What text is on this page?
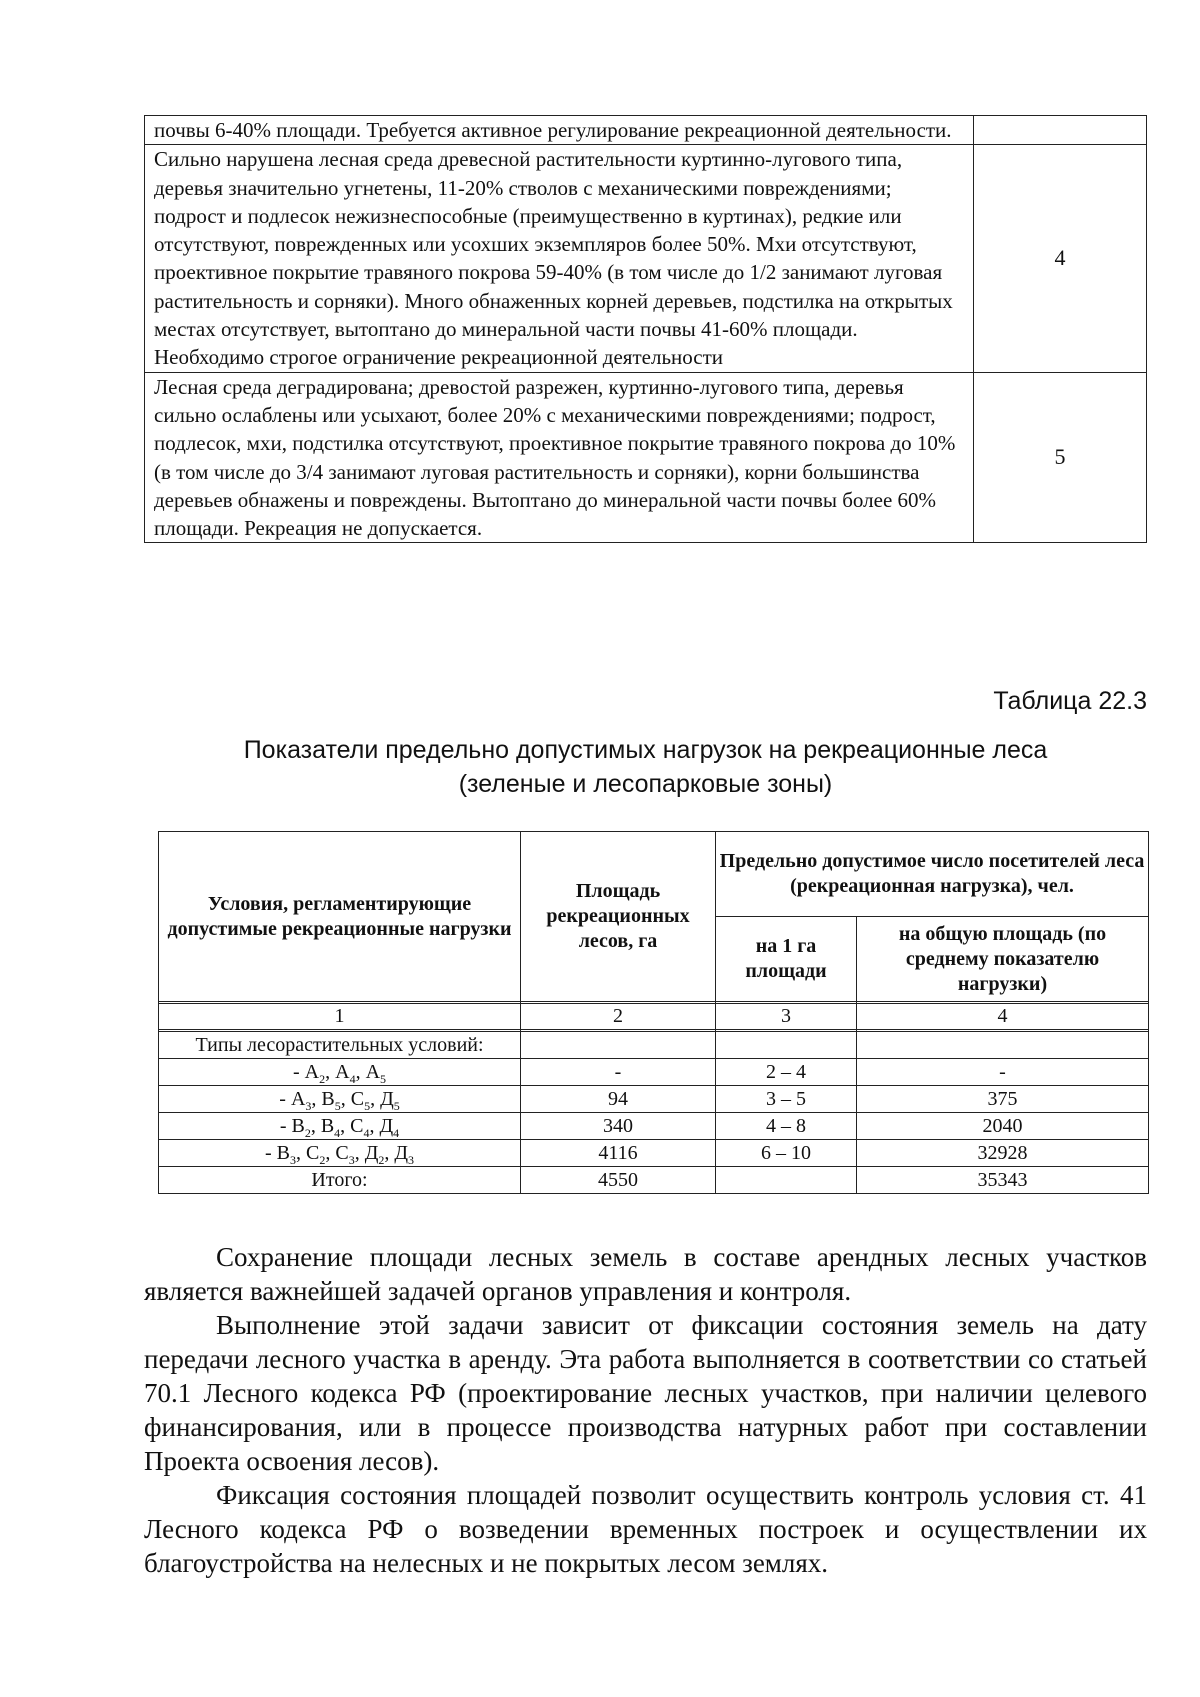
почвы 6-40% площади. Требуется активное регулирование рекреационной деятельности.	
Сильно нарушена лесная среда древесной растительности куртинно-лугового типа, деревья значительно угнетены, 11-20% стволов с механическими повреждениями; подрост и подлесок нежизнеспособные (преимущественно в куртинах), редкие или отсутствуют, поврежденных или усохших экземпляров более 50%. Мхи отсутствуют, проективное покрытие травяного покрова 59-40% (в том числе до 1/2 занимают луговая растительность и сорняки). Много обнаженных корней деревьев, подстилка на открытых местах отсутствует, вытоптано до минеральной части почвы 41-60% площади. Необходимо строгое ограничение рекреационной деятельности	4
Лесная среда деградирована; древостой разрежен, куртинно-лугового типа, деревья сильно ослаблены или усыхают, более 20% с механическими повреждениями; подрост, подлесок, мхи, подстилка отсутствуют, проективное покрытие травяного покрова до 10% (в том числе до 3/4 занимают луговая растительность и сорняки), корни большинства деревьев обнажены и повреждены. Вытоптано до минеральной части почвы более 60% площади. Рекреация не допускается.	5
Таблица 22.3
Показатели предельно допустимых нагрузок на рекреационные леса
(зеленые и лесопарковые зоны)
Условия, регламентирующие допустимые рекреационные нагрузки	Площадь рекреационных лесов, га	Предельно допустимое число посетителей леса (рекреационная нагрузка), чел.	
		на 1 га площади	на общую площадь (по среднему показателю нагрузки)

1	2	3	4

Типы лесорастительных условий:			
- $А_2$, $А_4$, $А_5$	-	2 – 4	-
- $А_3$, $В_5$, $С_5$, $Д_5$	94	3 – 5	375
- $В_2$, $В_4$, $С_4$, $Д_4$	340	4 – 8	2040
- $В_3$, $С_2$, $С_3$, $Д_2$, $Д_3$	4116	6 – 10	32928
Итого:	4550		35343

Сохранение площади лесных земель в составе арендных лесных участков является важнейшей задачей органов управления и контроля.

Выполнение этой задачи зависит от фиксации состояния земель на дату передачи лесного участка в аренду. Эта работа выполняется в соответствии со статьей 70.1 Лесного кодекса РФ (проектирование лесных участков, при наличии целевого финансирования, или в процессе производства натурных работ при составлении Проекта освоения лесов).

Фиксация состояния площадей позволит осуществить контроль условия ст. 41 Лесного кодекса РФ о возведении временных построек и осуществлении их благоустройства на нелесных и не покрытых лесом землях.
